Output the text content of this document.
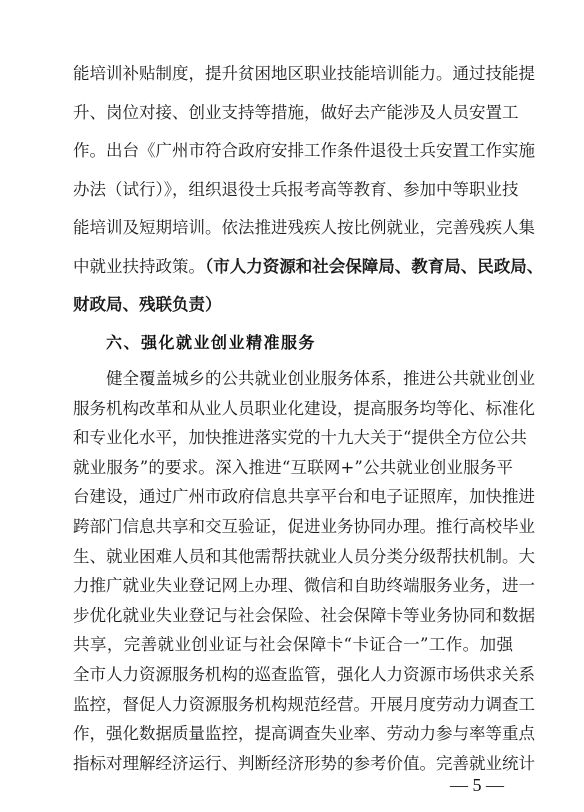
能培训补贴制度，提升贫困地区职业技能培训能力。通过技能提
升、岗位对接、创业支持等措施，做好去产能涉及人员安置工
作。出台《广州市符合政府安排工作条件退役士兵安置工作实施
办法（试行）》，组织退役士兵报考高等教育、参加中等职业技
能培训及短期培训。依法推进残疾人按比例就业，完善残疾人集
中就业扶持政策。（市人力资源和社会保障局、教育局、民政局、
财政局、残联负责）
六、强化就业创业精准服务
健全覆盖城乡的公共就业创业服务体系，推进公共就业创业
服务机构改革和从业人员职业化建设，提高服务均等化、标准化
和专业化水平，加快推进落实党的十九大关于“提供全方位公共
就业服务”的要求。深入推进“互联网+”公共就业创业服务平
台建设，通过广州市政府信息共享平台和电子证照库，加快推进
跨部门信息共享和交互验证，促进业务协同办理。推行高校毕业
生、就业困难人员和其他需帮扶就业人员分类分级帮扶机制。大
力推广就业失业登记网上办理、微信和自助终端服务业务，进一
步优化就业失业登记与社会保险、社会保障卡等业务协同和数据
共享，完善就业创业证与社会保障卡“卡证合一”工作。加强
全市人力资源服务机构的巡查监管，强化人力资源市场供求关系
监控，督促人力资源服务机构规范经营。开展月度劳动力调查工
作，强化数据质量监控，提高调查失业率、劳动力参与率等重点
指标对理解经济运行、判断经济形势的参考价值。完善就业统计
— 5 —
